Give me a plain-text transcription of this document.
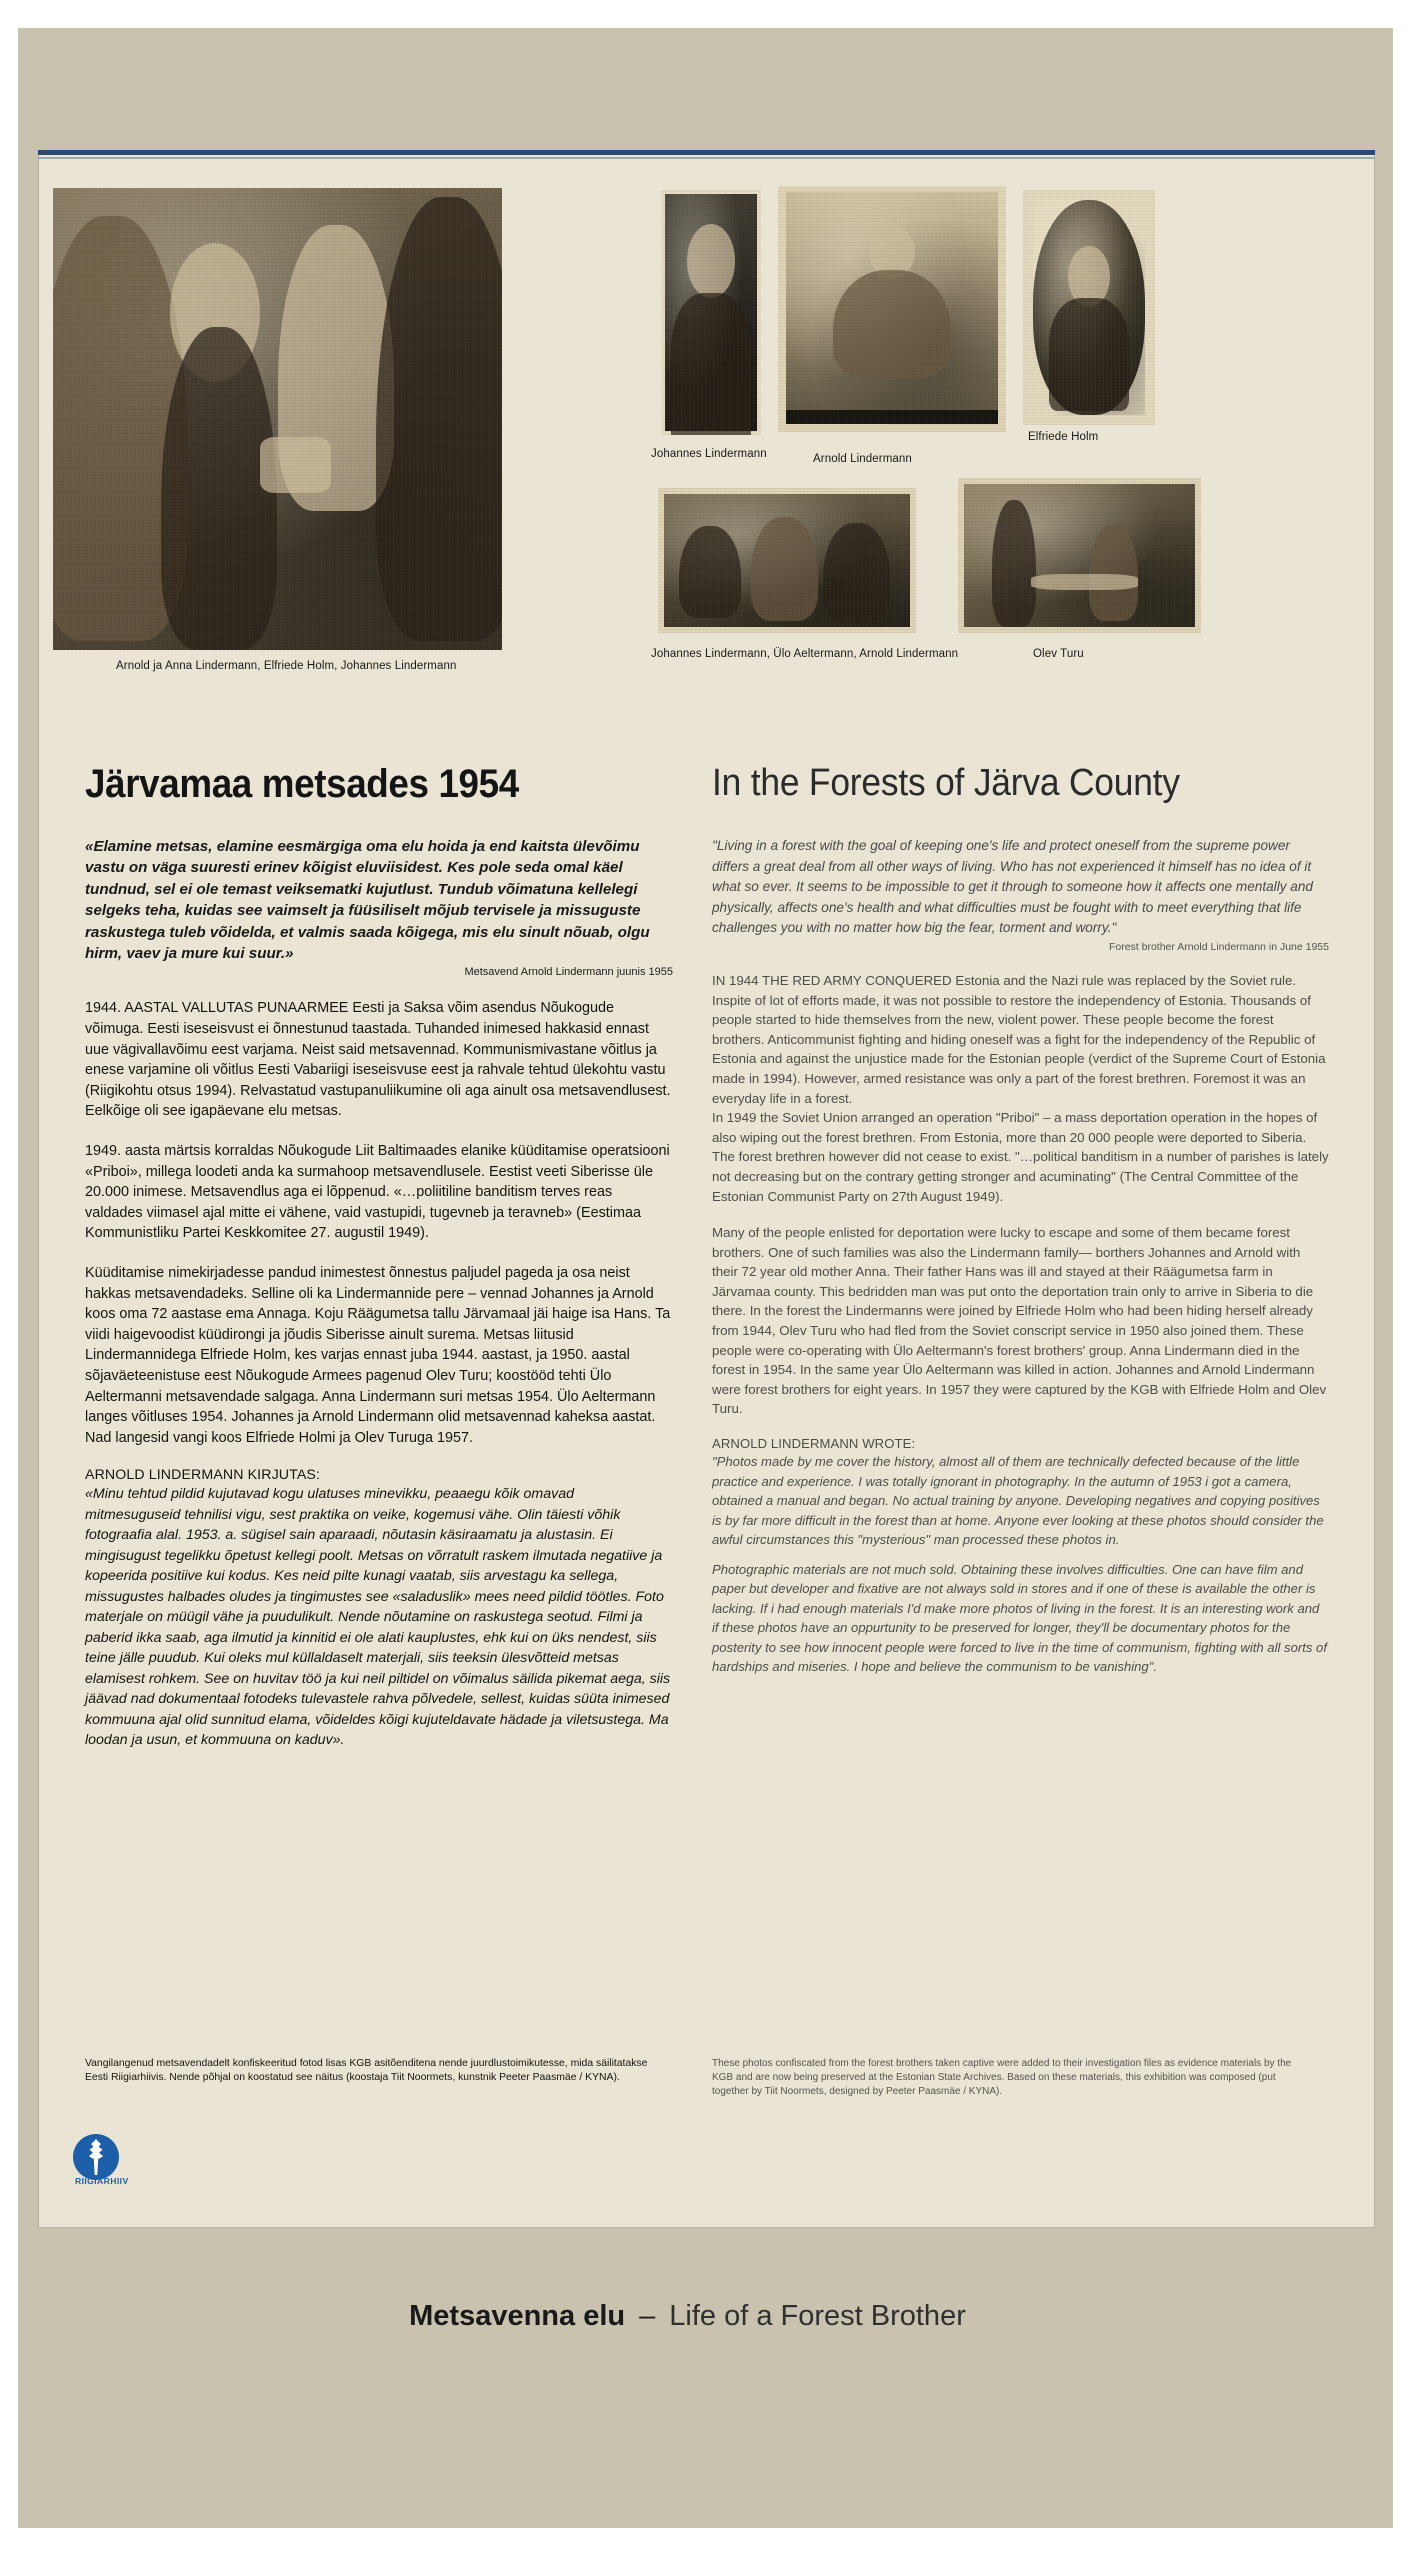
Arnold ja Anna Lindermann, Elfriede Holm, Johannes Lindermann
Johannes Lindermann	Arnold Lindermann
Elfriede Holm
Johannes Lindermann, Ülo Aeltermann, Arnold Lindermann	Olev Turu
Järvamaa metsades 1954	In the Forests of Järva County

«Elamine metsas, elamine eesmärgiga oma elu hoida ja end kaitsta ülevõimu vastu on väga suuresti erinev kõigist eluviisidest. Kes pole seda omal käel tundnud, sel ei ole temast veiksematki kujutlust. Tundub võimatuna kellelegi selgeks teha, kuidas see vaimselt ja füüsiliselt mõjub tervisele ja missuguste raskustega tuleb võidelda, et valmis saada kõigega, mis elu sinult nõuab, olgu hirm, vaev ja mure kui suur.»

Metsavend Arnold Lindermann juunis 1955

1944. AASTAL VALLUTAS PUNAARMEE Eesti ja Saksa võim asendus Nõukogude võimuga. Eesti iseseisvust ei õnnestunud taastada. Tuhanded inimesed hakkasid ennast uue vägivallavõimu eest varjama. Neist said metsavennad. Kommunismivastane võitlus ja enese varjamine oli võitlus Eesti Vabariigi iseseisvuse eest ja rahvale tehtud ülekohtu vastu (Riigikohtu otsus 1994). Relvastatud vastupanuliikumine oli aga ainult osa metsavendlusest. Eelkõige oli see igapäevane elu metsas.

1949. aasta märtsis korraldas Nõukogude Liit Baltimaades elanike küüditamise operatsiooni «Priboi», millega loodeti anda ka surmahoop metsavendlusele. Eestist veeti Siberisse üle 20.000 inimese. Metsavendlus aga ei lõppenud. «…poliitiline banditism terves reas valdades viimasel ajal mitte ei vähene, vaid vastupidi, tugevneb ja teravneb» (Eestimaa Kommunistliku Partei Keskkomitee 27. augustil 1949).

Küüditamise nimekirjadesse pandud inimestest õnnestus paljudel pageda ja osa neist hakkas metsavendadeks. Selline oli ka Lindermannide pere – vennad Johannes ja Arnold koos oma 72 aastase ema Annaga. Koju Räägumetsa tallu Järvamaal jäi haige isa Hans. Ta viidi haigevoodist küüdirongi ja jõudis Siberisse ainult surema. Metsas liitusid Lindermannidega Elfriede Holm, kes varjas ennast juba 1944. aastast, ja 1950. aastal sõjaväeteenistuse eest Nõukogude Armees pagenud Olev Turu; koostööd tehti Ülo Aeltermanni metsavendade salgaga. Anna Lindermann suri metsas 1954. Ülo Aeltermann langes võitluses 1954. Johannes ja Arnold Lindermann olid metsavennad kaheksa aastat. Nad langesid vangi koos Elfriede Holmi ja Olev Turuga 1957.

ARNOLD LINDERMANN KIRJUTAS:

«Minu tehtud pildid kujutavad kogu ulatuses minevikku, peaaegu kõik omavad mitmesuguseid tehnilisi vigu, sest praktika on veike, kogemusi vähe. Olin täiesti võhik fotograafia alal. 1953. a. sügisel sain aparaadi, nõutasin käsiraamatu ja alustasin. Ei mingisugust tegelikku õpetust kellegi poolt. Metsas on võrratult raskem ilmutada negatiive ja kopeerida positiive kui kodus. Kes neid pilte kunagi vaatab, siis arvestagu ka sellega, missugustes halbades oludes ja tingimustes see «saladuslik» mees need pildid töötles. Foto materjale on müügil vähe ja puudulikult. Nende nõutamine on raskustega seotud. Filmi ja paberid ikka saab, aga ilmutid ja kinnitid ei ole alati kauplustes, ehk kui on üks nendest, siis teine jälle puudub. Kui oleks mul küllaldaselt materjali, siis teeksin ülesvõtteid metsas elamisest rohkem. See on huvitav töö ja kui neil piltidel on võimalus säilida pikemat aega, siis jäävad nad dokumentaal fotodeks tulevastele rahva põlvedele, sellest, kuidas süüta inimesed kommuuna ajal olid sunnitud elama, võideldes kõigi kujuteldavate hädade ja viletsustega. Ma loodan ja usun, et kommuuna on kaduv».

"Living in a forest with the goal of keeping one's life and protect oneself from the supreme power differs a great deal from all other ways of living. Who has not experienced it himself has no idea of it what so ever. It seems to be impossible to get it through to someone how it affects one mentally and physically, affects one's health and what difficulties must be fought with to meet everything that life challenges you with no matter how big the fear, torment and worry."

Forest brother Arnold Lindermann in June 1955

IN 1944 THE RED ARMY CONQUERED Estonia and the Nazi rule was replaced by the Soviet rule. Inspite of lot of efforts made, it was not possible to restore the independency of Estonia. Thousands of people started to hide themselves from the new, violent power. These people become the forest brothers. Anticommunist fighting and hiding oneself was a fight for the independency of the Republic of Estonia and against the unjustice made for the Estonian people (verdict of the Supreme Court of Estonia made in 1994). However, armed resistance was only a part of the forest brethren. Foremost it was an everyday life in a forest.

In 1949 the Soviet Union arranged an operation "Priboi" – a mass deportation operation in the hopes of also wiping out the forest brethren. From Estonia, more than 20 000 people were deported to Siberia. The forest brethren however did not cease to exist. "…political banditism in a number of parishes is lately not decreasing but on the contrary getting stronger and acuminating" (The Central Committee of the Estonian Communist Party on 27th August 1949).

Many of the people enlisted for deportation were lucky to escape and some of them became forest brothers. One of such families was also the Lindermann family— borthers Johannes and Arnold with their 72 year old mother Anna. Their father Hans was ill and stayed at their Räägumetsa farm in Järvamaa county. This bedridden man was put onto the deportation train only to arrive in Siberia to die there. In the forest the Lindermanns were joined by Elfriede Holm who had been hiding herself already from 1944, Olev Turu who had fled from the Soviet conscript service in 1950 also joined them. These people were co-operating with Ülo Aeltermann's forest brothers' group. Anna Lindermann died in the forest in 1954. In the same year Ülo Aeltermann was killed in action. Johannes and Arnold Lindermann were forest brothers for eight years. In 1957 they were captured by the KGB with Elfriede Holm and Olev Turu.

ARNOLD LINDERMANN WROTE:

"Photos made by me cover the history, almost all of them are technically defected because of the little practice and experience. I was totally ignorant in photography. In the autumn of 1953 i got a camera, obtained a manual and began. No actual training by anyone. Developing negatives and copying positives is by far more difficult in the forest than at home. Anyone ever looking at these photos should consider the awful circumstances this "mysterious" man processed these photos in.

Photographic materials are not much sold. Obtaining these involves difficulties. One can have film and paper but developer and fixative are not always sold in stores and if one of these is available the other is lacking. If i had enough materials I'd make more photos of living in the forest. It is an interesting work and if these photos have an oppurtunity to be preserved for longer, they'll be documentary photos for the posterity to see how innocent people were forced to live in the time of communism, fighting with all sorts of hardships and miseries. I hope and believe the communism to be vanishing".

Vangilangenud metsavendadelt konfiskeeritud fotod lisas KGB asitõenditena nende juurdlustoimikutesse, mida säilitatakse Eesti Riigiarhiivis. Nende põhjal on koostatud see näitus (koostaja Tiit Noormets, kunstnik Peeter Paasmäe / KYNA).
These photos confiscated from the forest brothers taken captive were added to their investigation files as evidence materials by the KGB and are now being preserved at the Estonian State Archives. Based on these materials, this exhibition was composed (put together by Tiit Noormets, designed by Peeter Paasmäe / KYNA).
RIIGIARHIIV
Metsavenna elu – Life of a Forest Brother
